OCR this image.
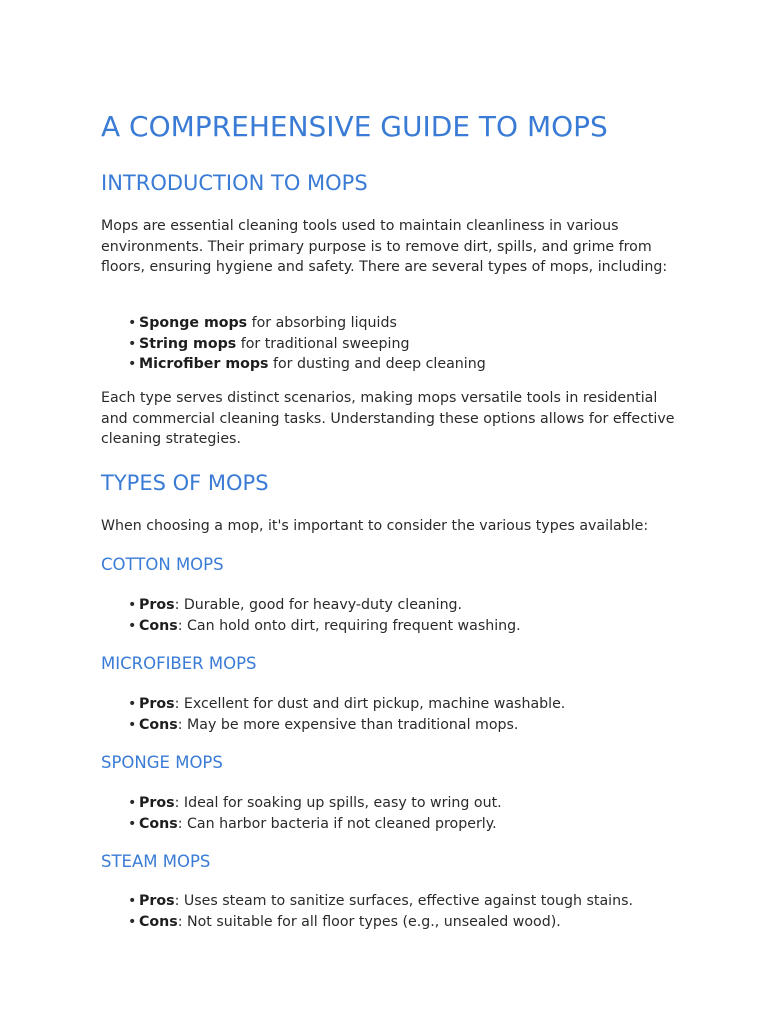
A COMPREHENSIVE GUIDE TO MOPS
INTRODUCTION TO MOPS

Mops are essential cleaning tools used to maintain cleanliness in various environments. Their primary purpose is to remove dirt, spills, and grime from floors, ensuring hygiene and safety. There are several types of mops, including:

• Sponge mops for absorbing liquids
• String mops for traditional sweeping
• Microfiber mops for dusting and deep cleaning

Each type serves distinct scenarios, making mops versatile tools in residential and commercial cleaning tasks. Understanding these options allows for effective cleaning strategies.

TYPES OF MOPS

When choosing a mop, it's important to consider the various types available:

COTTON MOPS
• Pros: Durable, good for heavy-duty cleaning.
• Cons: Can hold onto dirt, requiring frequent washing.
MICROFIBER MOPS
• Pros: Excellent for dust and dirt pickup, machine washable.
• Cons: May be more expensive than traditional mops.
SPONGE MOPS
• Pros: Ideal for soaking up spills, easy to wring out.
• Cons: Can harbor bacteria if not cleaned properly.
STEAM MOPS
• Pros: Uses steam to sanitize surfaces, effective against tough stains.
• Cons: Not suitable for all floor types (e.g., unsealed wood).
